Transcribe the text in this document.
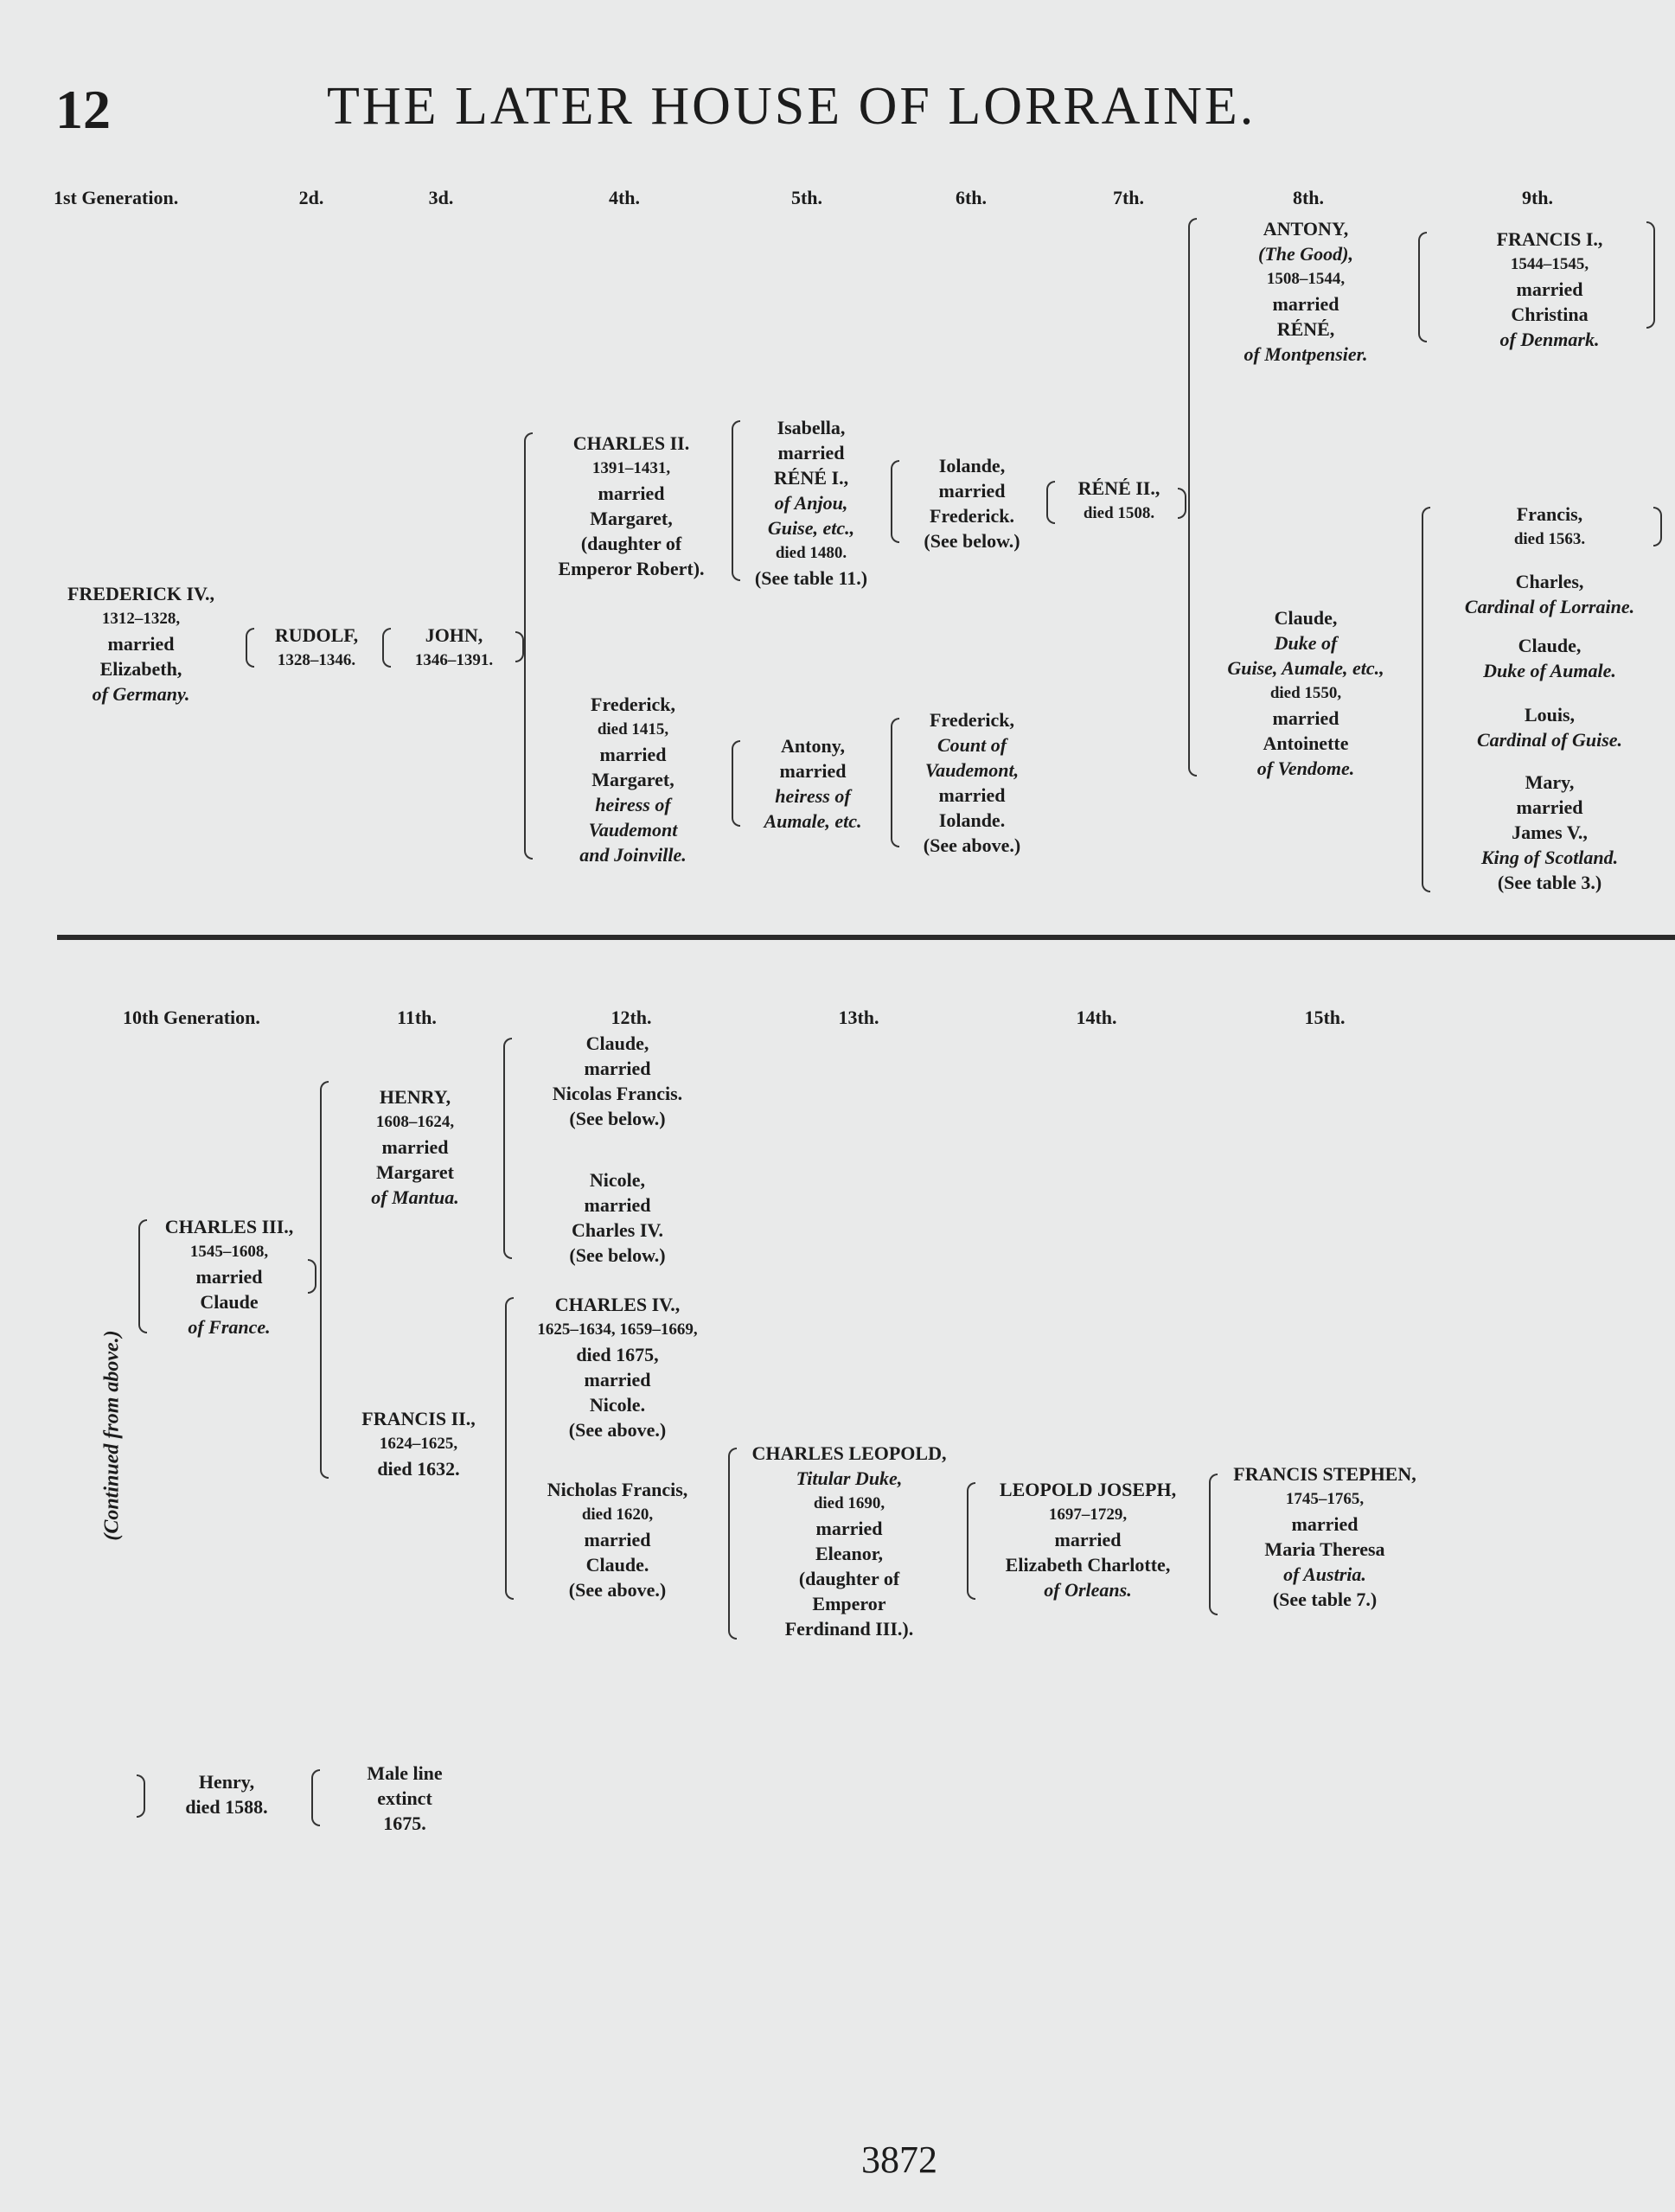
12	THE LATER HOUSE OF LORRAINE.
1st Generation.	2d.	3d.	4th.	5th.	6th.	7th.	8th.	9th.
FREDERICK IV.,
1312–1328,
married
Elizabeth,
of Germany.
RUDOLF,
1328–1346.
JOHN,
1346–1391.
CHARLES II.
1391–1431,
married
Margaret,
(daughter of
Emperor Robert).
Frederick,
died 1415,
married
Margaret,
heiress of
Vaudemont
and Joinville.
Isabella,
married
RÉNÉ I.,
of Anjou,
Guise, etc.,
died 1480.
(See table 11.)
Antony,
married
heiress of
Aumale, etc.
Iolande,
married
Frederick.
(See below.)
Frederick,
Count of
Vaudemont,
married
Iolande.
(See above.)
RÉNÉ II.,
died 1508.
ANTONY,
(The Good),
1508–1544,
married
RÉNÉ,
of Montpensier.
Claude,
Duke of
Guise, Aumale, etc.,
died 1550,
married
Antoinette
of Vendome.
FRANCIS I.,
1544–1545,
married
Christina
of Denmark.
Francis,
died 1563.
Charles,
Cardinal of Lorraine.
Claude,
Duke of Aumale.
Louis,
Cardinal of Guise.
Mary,
married
James V.,
King of Scotland.
(See table 3.)
10th Generation.	11th.	12th.	13th.	14th.	15th.
(Continued from above.)
CHARLES III.,
1545–1608,
married
Claude
of France.
HENRY,
1608–1624,
married
Margaret
of Mantua.
FRANCIS II.,
1624–1625,
died 1632.
Claude,
married
Nicolas Francis.
(See below.)
Nicole,
married
Charles IV.
(See below.)
CHARLES IV.,
1625–1634, 1659–1669,
died 1675,
married
Nicole.
(See above.)
Nicholas Francis,
died 1620,
married
Claude.
(See above.)
CHARLES LEOPOLD,
Titular Duke,
died 1690,
married
Eleanor,
(daughter of
Emperor
Ferdinand III.).
LEOPOLD JOSEPH,
1697–1729,
married
Elizabeth Charlotte,
of Orleans.
FRANCIS STEPHEN,
1745–1765,
married
Maria Theresa
of Austria.
(See table 7.)
Henry,
died 1588.
Male line
extinct
1675.
3872
